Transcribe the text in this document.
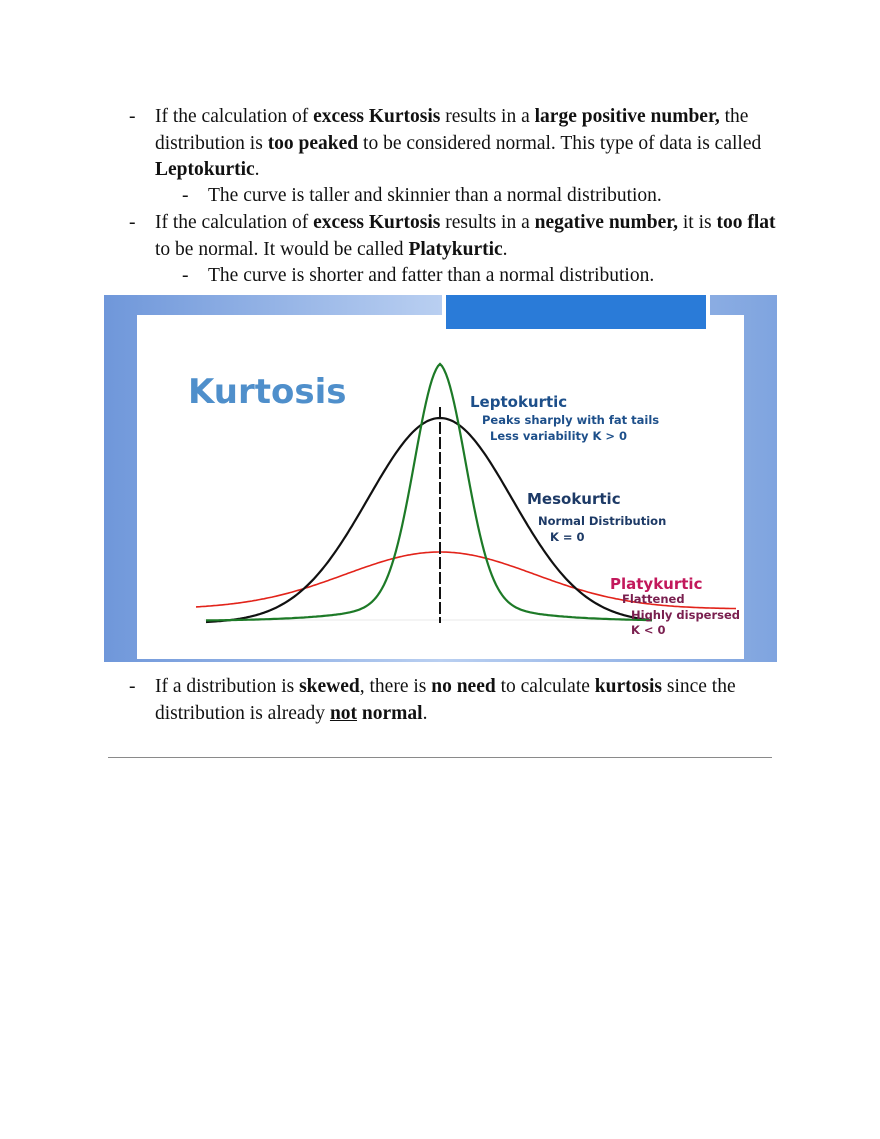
- If the calculation of excess Kurtosis results in a large positive number, the distribution is too peaked to be considered normal. This type of data is called Leptokurtic.
- The curve is taller and skinnier than a normal distribution.
- If the calculation of excess Kurtosis results in a negative number, it is too flat to be normal. It would be called Platykurtic.
- The curve is shorter and fatter than a normal distribution.
Kurtosis	Leptokurtic
Peaks sharply with fat tails
Less variability K > 0
Mesokurtic
Normal Distribution
K = 0
Platykurtic
Flattened
Highly dispersed
K < 0
- If a distribution is skewed, there is no need to calculate kurtosis since the distribution is already not normal.
